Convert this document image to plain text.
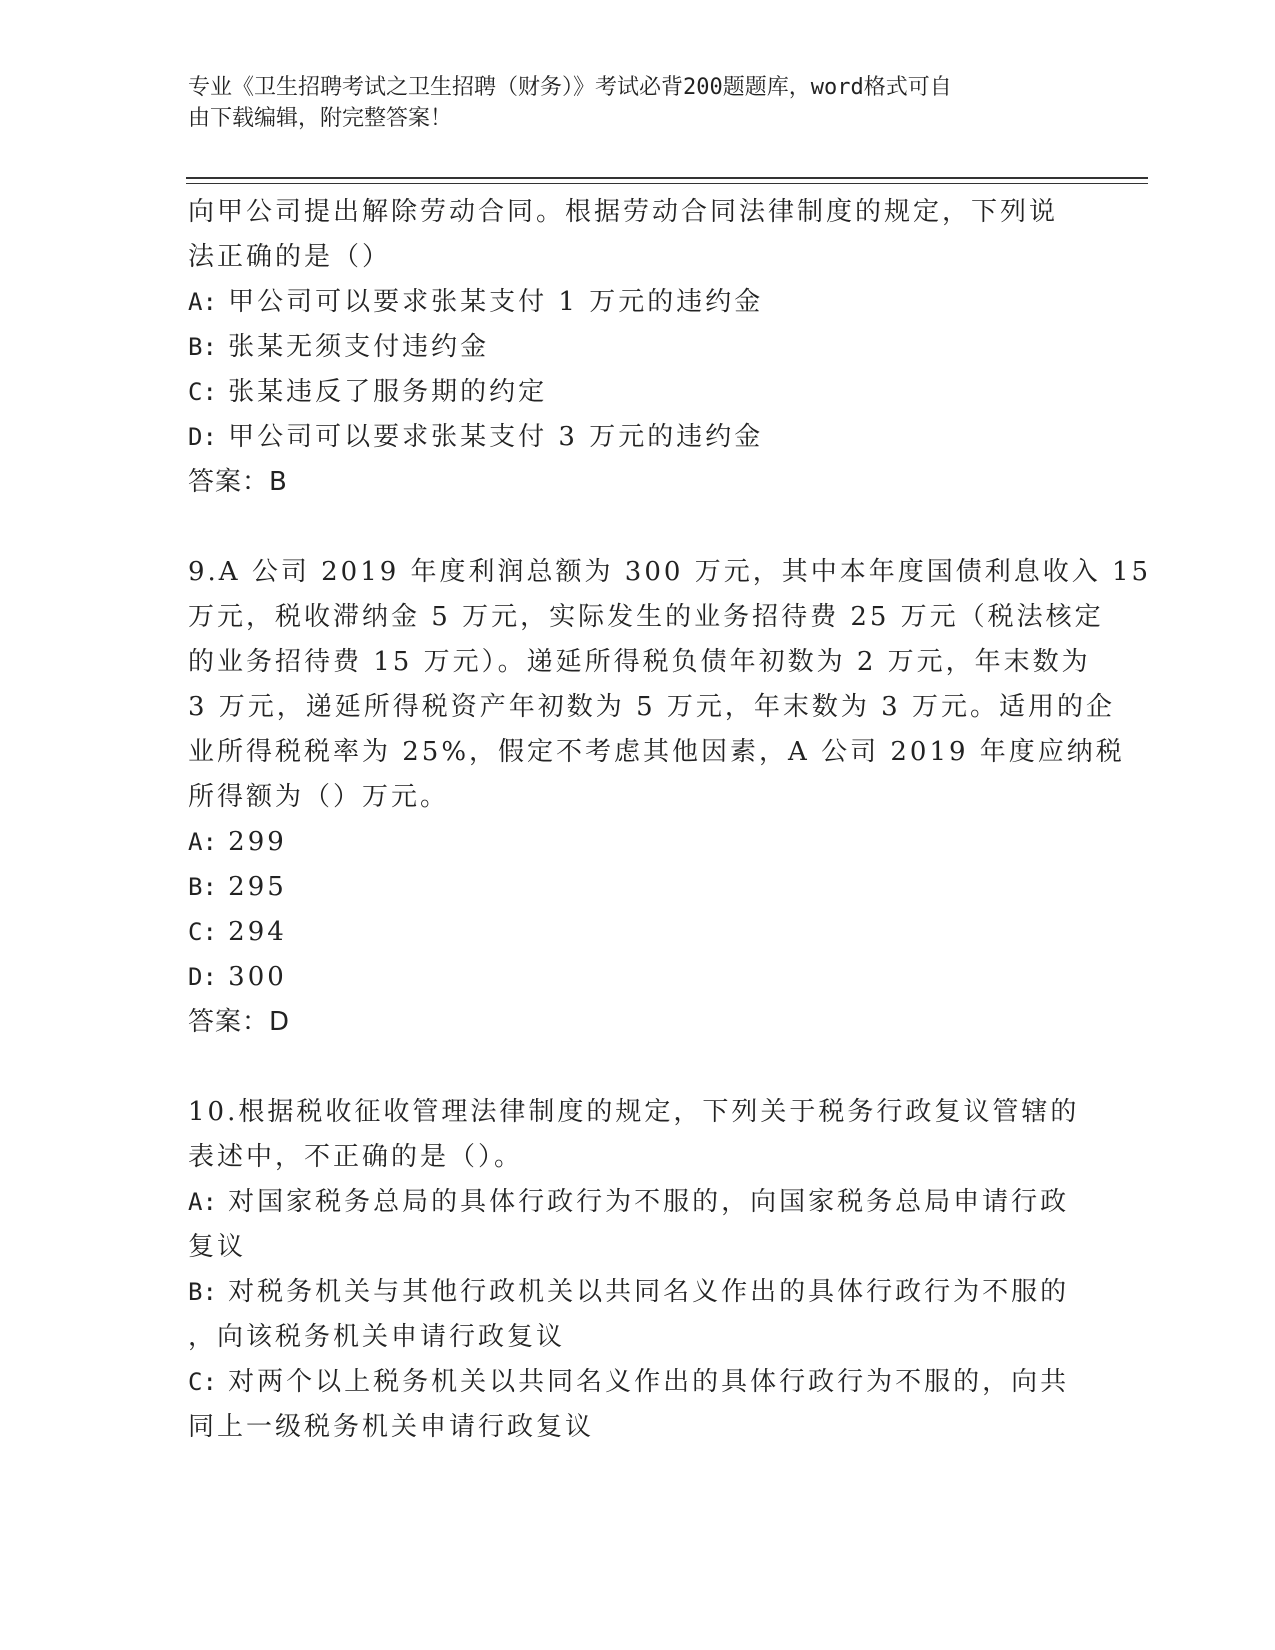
专业《卫生招聘考试之卫生招聘（财务）》考试必背200题题库，word格式可自
由下载编辑，附完整答案！
向甲公司提出解除劳动合同。根据劳动合同法律制度的规定，下列说
法正确的是（）
A: 甲公司可以要求张某支付 1 万元的违约金
B: 张某无须支付违约金
C: 张某违反了服务期的约定
D: 甲公司可以要求张某支付 3 万元的违约金
答案：B
9.A 公司 2019 年度利润总额为 300 万元，其中本年度国债利息收入 15
万元，税收滞纳金 5 万元，实际发生的业务招待费 25 万元（税法核定
的业务招待费 15 万元）。递延所得税负债年初数为 2 万元，年末数为
3 万元，递延所得税资产年初数为 5 万元，年末数为 3 万元。适用的企
业所得税税率为 25%，假定不考虑其他因素，A 公司 2019 年度应纳税
所得额为（）万元。
A: 299
B: 295
C: 294
D: 300
答案：D
10.根据税收征收管理法律制度的规定，下列关于税务行政复议管辖的
表述中，不正确的是（）。
A: 对国家税务总局的具体行政行为不服的，向国家税务总局申请行政
复议
B: 对税务机关与其他行政机关以共同名义作出的具体行政行为不服的
，向该税务机关申请行政复议
C: 对两个以上税务机关以共同名义作出的具体行政行为不服的，向共
同上一级税务机关申请行政复议
